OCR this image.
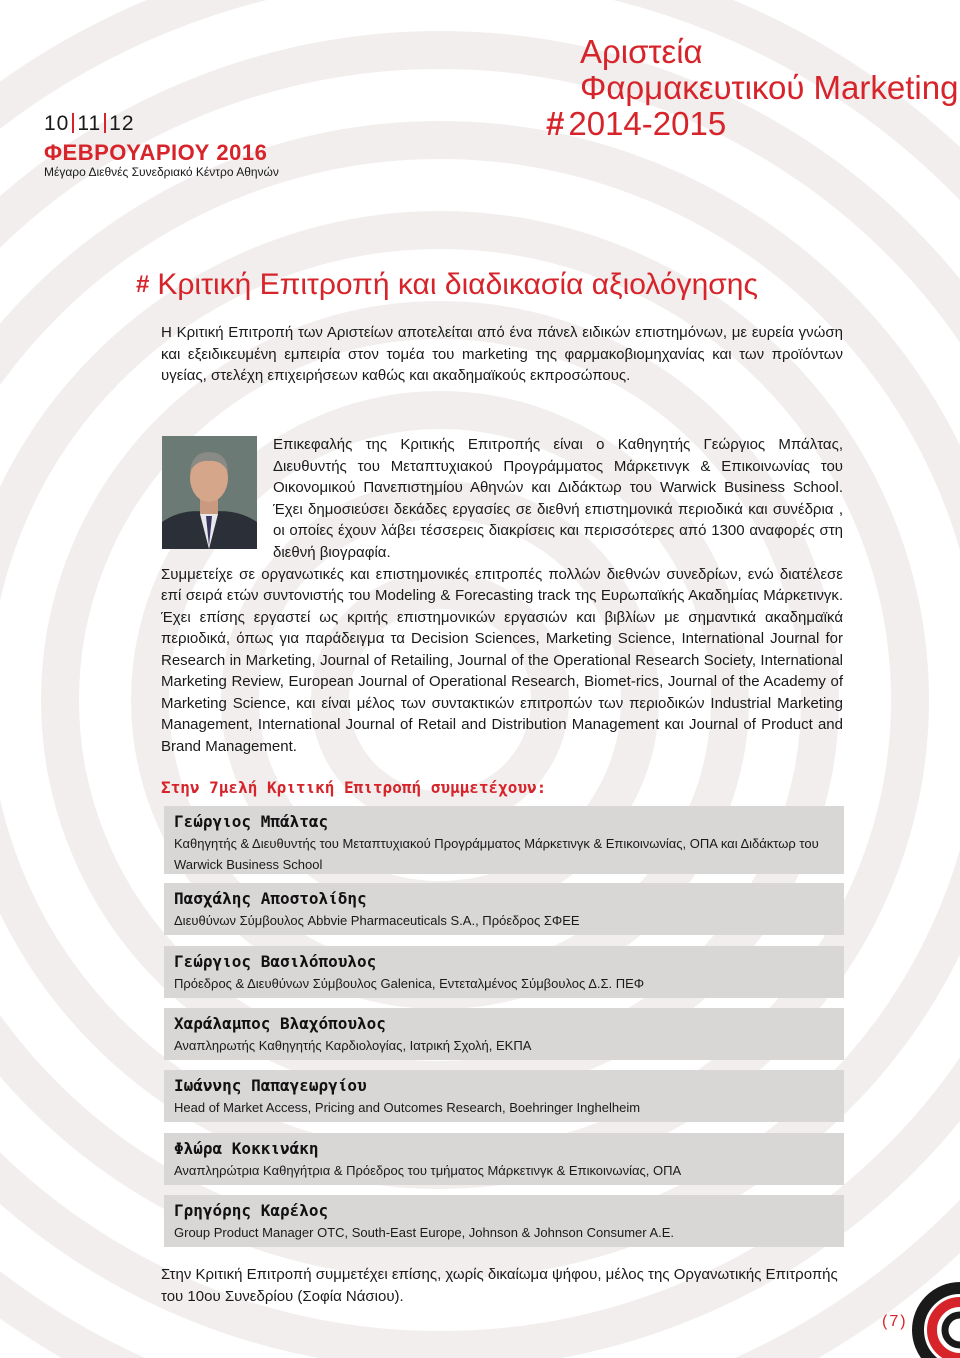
10 11 12
ΦΕΒΡΟΥΑΡΙΟΥ 2016
Μέγαρο Διεθνές Συνεδριακό Κέντρο Αθηνών
Αριστεία
Φαρμακευτικού Marketing
# 2014-2015
# Κριτική Επιτροπή και διαδικασία αξιολόγησης

Η Κριτική Επιτροπή των Αριστείων αποτελείται από ένα πάνελ ειδικών επιστημόνων, με ευρεία γνώση και εξειδικευμένη εμπειρία στον τομέα του marketing της φαρμακοβιομηχανίας και των προϊόντων υγείας, στελέχη επιχειρήσεων καθώς και ακαδημαϊκούς εκπροσώπους.

Επικεφαλής της Κριτικής Επιτροπής είναι ο Καθηγητής Γεώργιος Μπάλτας, Διευθυντής του Μεταπτυχιακού Προγράμματος Μάρκετινγκ & Επικοινωνίας του Οικονομικού Πανεπιστημίου Αθηνών και Διδάκτωρ του Warwick Business School. Έχει δημοσιεύσει δεκάδες εργασίες σε διεθνή επιστημονικά περιοδικά και συνέδρια , οι οποίες έχουν λάβει τέσσερεις διακρίσεις και περισσότερες από 1300 αναφορές στη διεθνή βιογραφία.

Συμμετείχε σε οργανωτικές και επιστημονικές επιτροπές πολλών διεθνών συνεδρίων, ενώ διατέλεσε επί σειρά ετών συντονιστής του Modeling & Forecasting track της Ευρωπαϊκής Ακαδημίας Μάρκετινγκ. Έχει επίσης εργαστεί ως κριτής επιστημονικών εργασιών και βιβλίων με σημαντικά ακαδημαϊκά περιοδικά, όπως για παράδειγμα τα Decision Sciences, Marketing Science, International Journal for Research in Marketing, Journal of Retailing, Journal of the Operational Research Society, International Marketing Review, European Journal of Operational Research, Biomet-rics, Journal of the Academy of Marketing Science, και είναι μέλος των συντακτικών επιτροπών των περιοδικών Industrial Marketing Management, International Journal of Retail and Distribution Management και Journal of Product and Brand Management.

Στην 7μελή Κριτική Επιτροπή συμμετέχουν:
Γεώργιος Μπάλτας
Καθηγητής & Διευθυντής του Μεταπτυχιακού Προγράμματος Μάρκετινγκ & Επικοινωνίας, ΟΠΑ και Διδάκτωρ του Warwick Business School
Πασχάλης Αποστολίδης
Διευθύνων Σύμβουλος Abbvie Pharmaceuticals S.A., Πρόεδρος ΣΦΕΕ
Γεώργιος Βασιλόπουλος
Πρόεδρος & Διευθύνων Σύμβουλος Galenica, Εντεταλμένος Σύμβουλος Δ.Σ. ΠΕΦ
Χαράλαμπος Βλαχόπουλος
Αναπληρωτής Καθηγητής Καρδιολογίας, Ιατρική Σχολή, ΕΚΠΑ
Ιωάννης Παπαγεωργίου
Head of Market Access, Pricing and Outcomes Research, Boehringer Inghelheim
Φλώρα Κοκκινάκη
Αναπληρώτρια Καθηγήτρια & Πρόεδρος του τμήματος Μάρκετινγκ & Επικοινωνίας, ΟΠΑ
Γρηγόρης Καρέλος
Group Product Manager OTC, South-East Europe, Johnson & Johnson Consumer A.E.

Στην Κριτική Επιτροπή συμμετέχει επίσης, χωρίς δικαίωμα ψήφου, μέλος της Οργανωτικής Επιτροπής του 10ου Συνεδρίου (Σοφία Νάσιου).

(7)
